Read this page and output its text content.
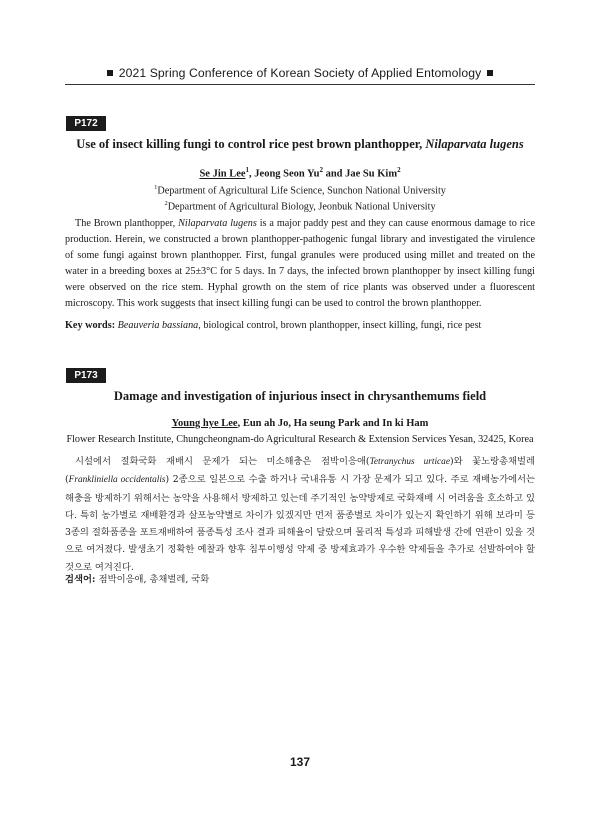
2021 Spring Conference of Korean Society of Applied Entomology
P172
Use of insect killing fungi to control rice pest brown planthopper, Nilaparvata lugens
Se Jin Lee$^1$, Jeong Seon Yu$^2$ and Jae Su Kim$^2$
$^1$Department of Agricultural Life Science, Sunchon National University
$^2$Department of Agricultural Biology, Jeonbuk National University
The Brown planthopper, Nilaparvata lugens is a major paddy pest and they can cause enormous damage to rice production. Herein, we constructed a brown planthopper-pathogenic fungal library and investigated the virulence of some fungi against brown planthopper. First, fungal granules were produced using millet and treated on the water in a breeding boxes at 25±3°C for 5 days. In 7 days, the infected brown planthopper by insect killing fungi were observed on the rice stem. Hyphal growth on the stem of rice plants was observed under a fluorescent microscopy. This work suggests that insect killing fungi can be used to control the brown planthopper.
Key words: Beauveria bassiana, biological control, brown planthopper, insect killing, fungi, rice pest
P173
Damage and investigation of injurious insect in chrysanthemums field
Young hye Lee, Eun ah Jo, Ha seung Park and In ki Ham
Flower Research Institute, Chungcheongnam-do Agricultural Research & Extension Services Yesan, 32425, Korea
시설에서 절화국화 재배시 문제가 되는 미소해충은 점박이응애(Tetranychus urticae)와 꽃노랑총채벌레 (Frankliniella occidentalis) 2종으로 일본으로 수출 하거나 국내유통 시 가장 문제가 되고 있다. 주로 재배농가에서는 해충을 방제하기 위해서는 농약을 사용해서 방제하고 있는데 주기적인 농약방제로 국화재배 시 어려움을 호소하고 있다. 특히 농가별로 재배환경과 살포농약별로 차이가 있겠지만 먼저 품종별로 차이가 있는지 확인하기 위해 보라미 등 3종의 절화품종을 포트재배하여 품종특성 조사 결과 피해율이 달랐으며 물리적 특성과 피해발생 간에 연관이 있을 것으로 여겨졌다. 발생초기 정확한 예찰과 향후 침투이행성 약제 중 방제효과가 우수한 약제들을 추가로 선발하여야 할 것으로 여겨진다.
검색어: 점박이응애, 총채벌레, 국화
137
